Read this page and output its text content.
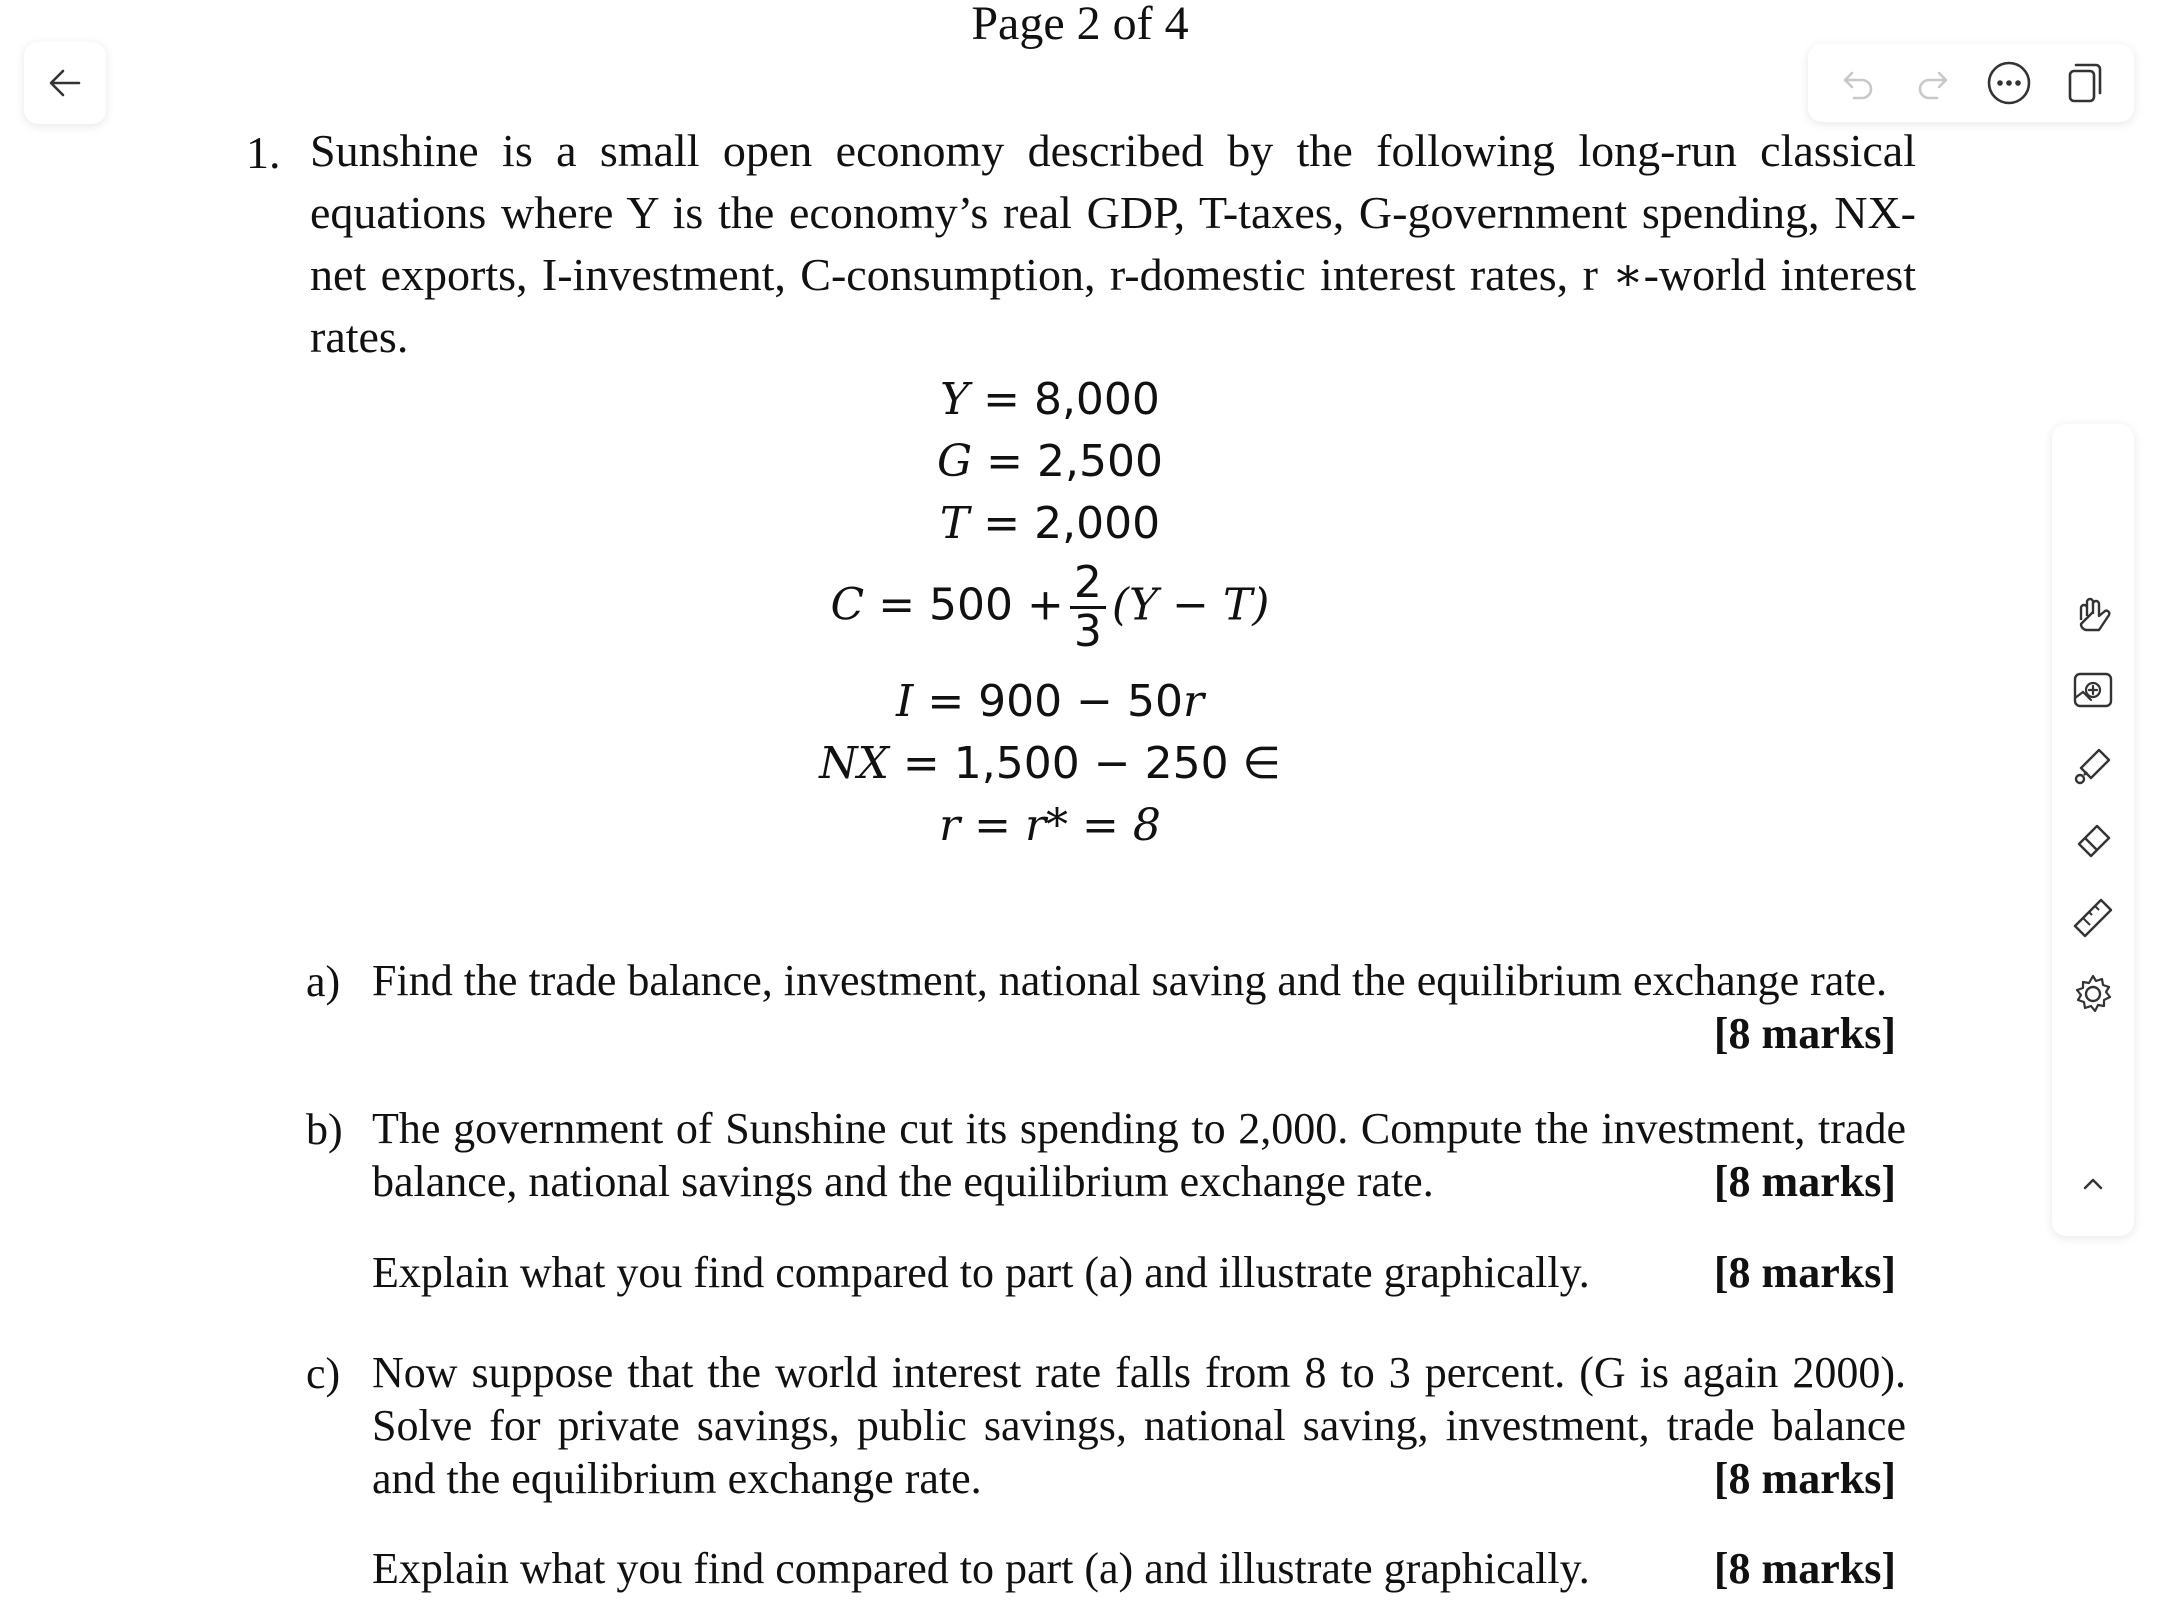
Page 2 of 4
1. Sunshine is a small open economy described by the following long-run classical equations where Y is the economy’s real GDP, T-taxes, G-government spending, NX-net exports, I-investment, C-consumption, r-domestic interest rates, r ∗-world interest rates.
Y = 8,000
G = 2,500
T = 2,000
$C = 500 + \frac{2}{3} (Y - T)$
I = 900 − 50r
NX = 1,500 − 250 ∈
r = r* = 8
a) Find the trade balance, investment, national saving and the equilibrium exchange rate.
[8 marks]
b) The government of Sunshine cut its spending to 2,000. Compute the investment, trade balance, national savings and the equilibrium exchange rate.	[8 marks]
Explain what you find compared to part (a) and illustrate graphically.	[8 marks]
c) Now suppose that the world interest rate falls from 8 to 3 percent. (G is again 2000). Solve for private savings, public savings, national saving, investment, trade balance and the equilibrium exchange rate.	[8 marks]
Explain what you find compared to part (a) and illustrate graphically.	[8 marks]
